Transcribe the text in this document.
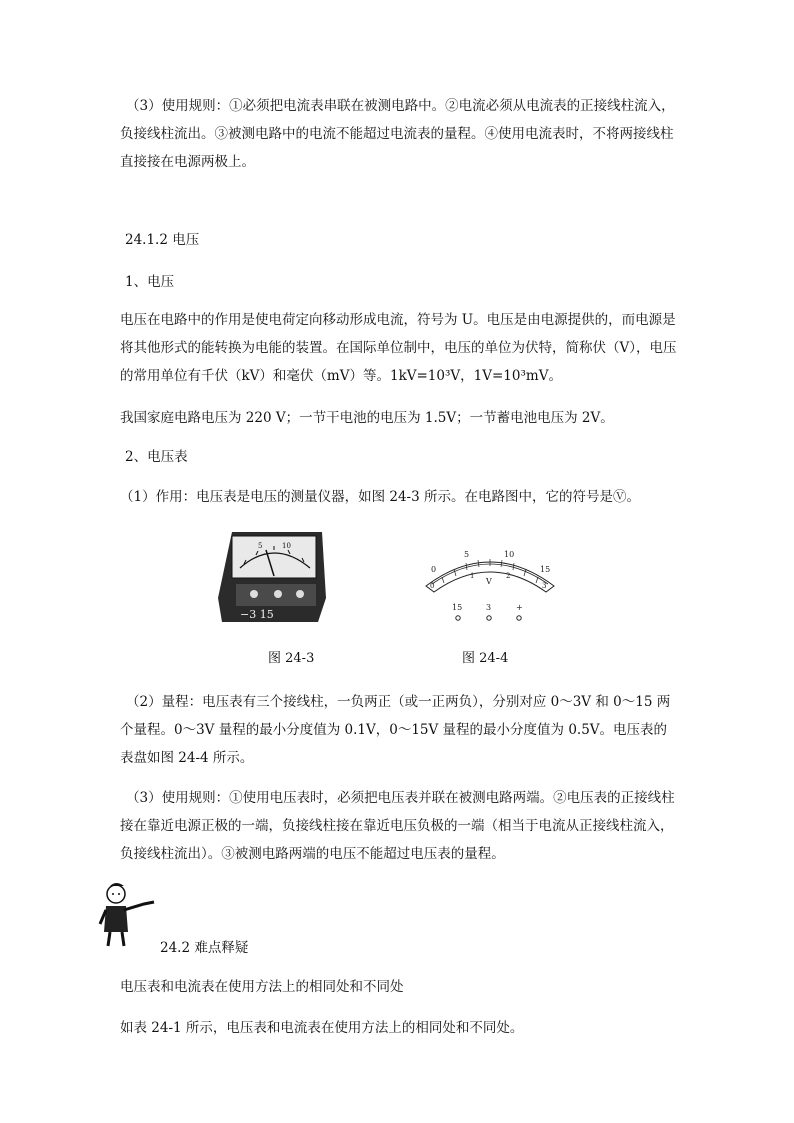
（3）使用规则：①必须把电流表串联在被测电路中。②电流必须从电流表的正接线柱流入，负接线柱流出。③被测电路中的电流不能超过电流表的量程。④使用电流表时，不将两接线柱直接接在电源两极上。

24.1.2 电压

1、电压

电压在电路中的作用是使电荷定向移动形成电流，符号为 U。电压是由电源提供的，而电源是将其他形式的能转换为电能的装置。在国际单位制中，电压的单位为伏特，简称伏（V），电压的常用单位有千伏（kV）和毫伏（mV）等。1kV=10³V，1V=10³mV。

我国家庭电路电压为 220 V；一节干电池的电压为 1.5V；一节蓄电池电压为 2V。

2、电压表

（1）作用：电压表是电压的测量仪器，如图 24-3 所示。在电路图中，它的符号是Ⓥ。

5	10
−3 15
0
5	10
15
0
1	2
3
V
15	3	+
图 24-3	图 24-4

（2）量程：电压表有三个接线柱，一负两正（或一正两负），分别对应 0～3V 和 0～15 两个量程。0～3V 量程的最小分度值为 0.1V，0～15V 量程的最小分度值为 0.5V。电压表的表盘如图 24-4 所示。

（3）使用规则：①使用电压表时，必须把电压表并联在被测电路两端。②电压表的正接线柱接在靠近电源正极的一端，负接线柱接在靠近电压负极的一端（相当于电流从正接线柱流入，负接线柱流出）。③被测电路两端的电压不能超过电压表的量程。

24.2 难点释疑

电压表和电流表在使用方法上的相同处和不同处

如表 24-1 所示，电压表和电流表在使用方法上的相同处和不同处。
